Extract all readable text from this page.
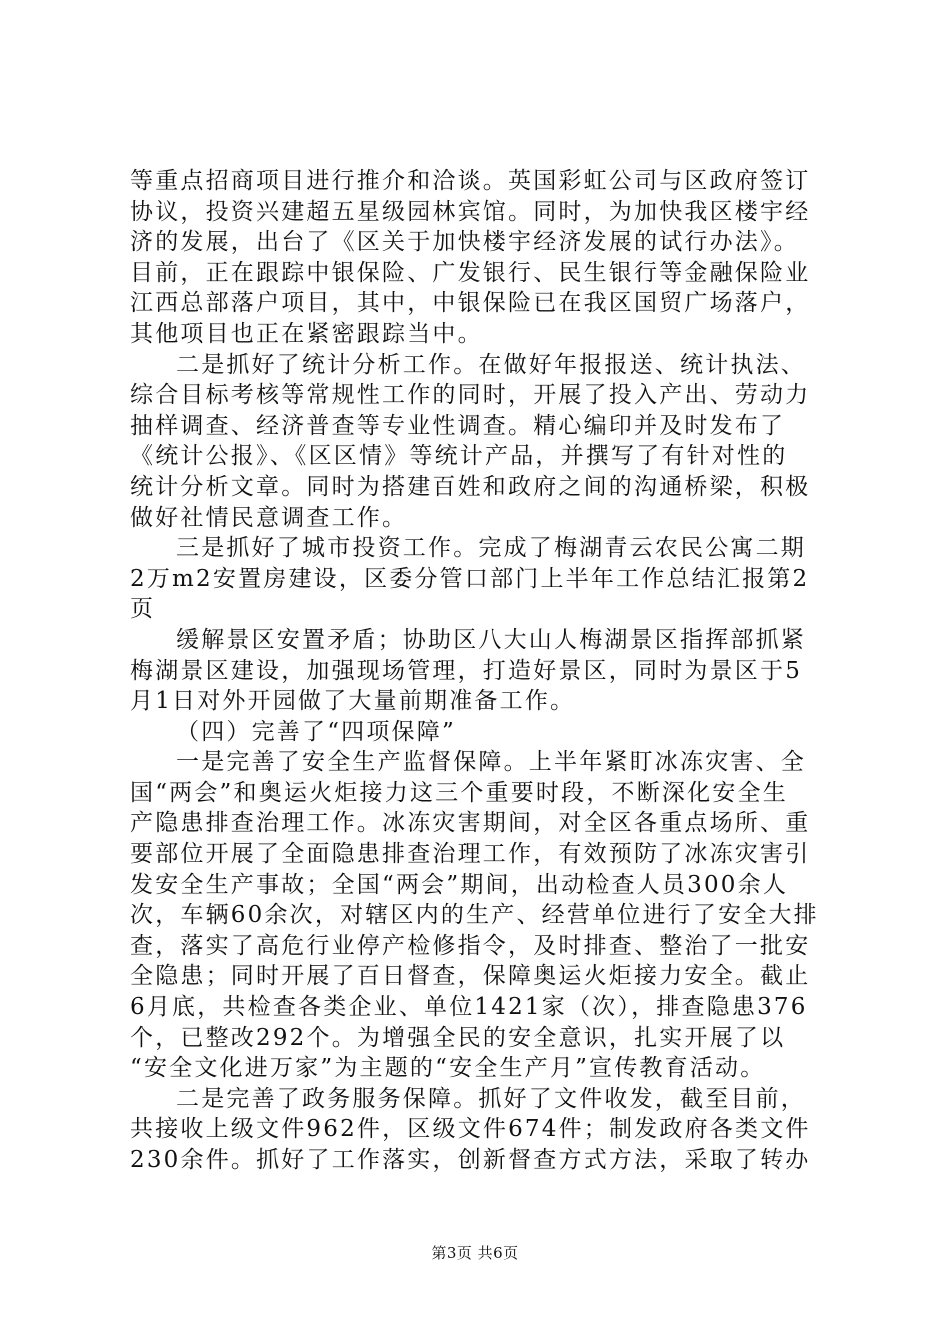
等重点招商项目进行推介和洽谈。英国彩虹公司与区政府签订
协议，投资兴建超五星级园林宾馆。同时，为加快我区楼宇经
济的发展，出台了《区关于加快楼宇经济发展的试行办法》。
目前，正在跟踪中银保险、广发银行、民生银行等金融保险业
江西总部落户项目，其中，中银保险已在我区国贸广场落户，
其他项目也正在紧密跟踪当中。
二是抓好了统计分析工作。在做好年报报送、统计执法、
综合目标考核等常规性工作的同时，开展了投入产出、劳动力
抽样调查、经济普查等专业性调查。精心编印并及时发布了
《统计公报》、《区区情》等统计产品，并撰写了有针对性的
统计分析文章。同时为搭建百姓和政府之间的沟通桥梁，积极
做好社情民意调查工作。
三是抓好了城市投资工作。完成了梅湖青云农民公寓二期
2万m2安置房建设，区委分管口部门上半年工作总结汇报第2
页
缓解景区安置矛盾；协助区八大山人梅湖景区指挥部抓紧
梅湖景区建设，加强现场管理，打造好景区，同时为景区于5
月1日对外开园做了大量前期准备工作。
（四）完善了“四项保障”
一是完善了安全生产监督保障。上半年紧盯冰冻灾害、全
国“两会”和奥运火炬接力这三个重要时段，不断深化安全生
产隐患排查治理工作。冰冻灾害期间，对全区各重点场所、重
要部位开展了全面隐患排查治理工作，有效预防了冰冻灾害引
发安全生产事故；全国“两会”期间，出动检查人员300余人
次，车辆60余次，对辖区内的生产、经营单位进行了安全大排
查，落实了高危行业停产检修指令，及时排查、整治了一批安
全隐患；同时开展了百日督查，保障奥运火炬接力安全。截止
6月底，共检查各类企业、单位1421家（次），排查隐患376
个，已整改292个。为增强全民的安全意识，扎实开展了以
“安全文化进万家”为主题的“安全生产月”宣传教育活动。
二是完善了政务服务保障。抓好了文件收发，截至目前，
共接收上级文件962件，区级文件674件；制发政府各类文件
230余件。抓好了工作落实，创新督查方式方法，采取了转办
第3页 共6页
